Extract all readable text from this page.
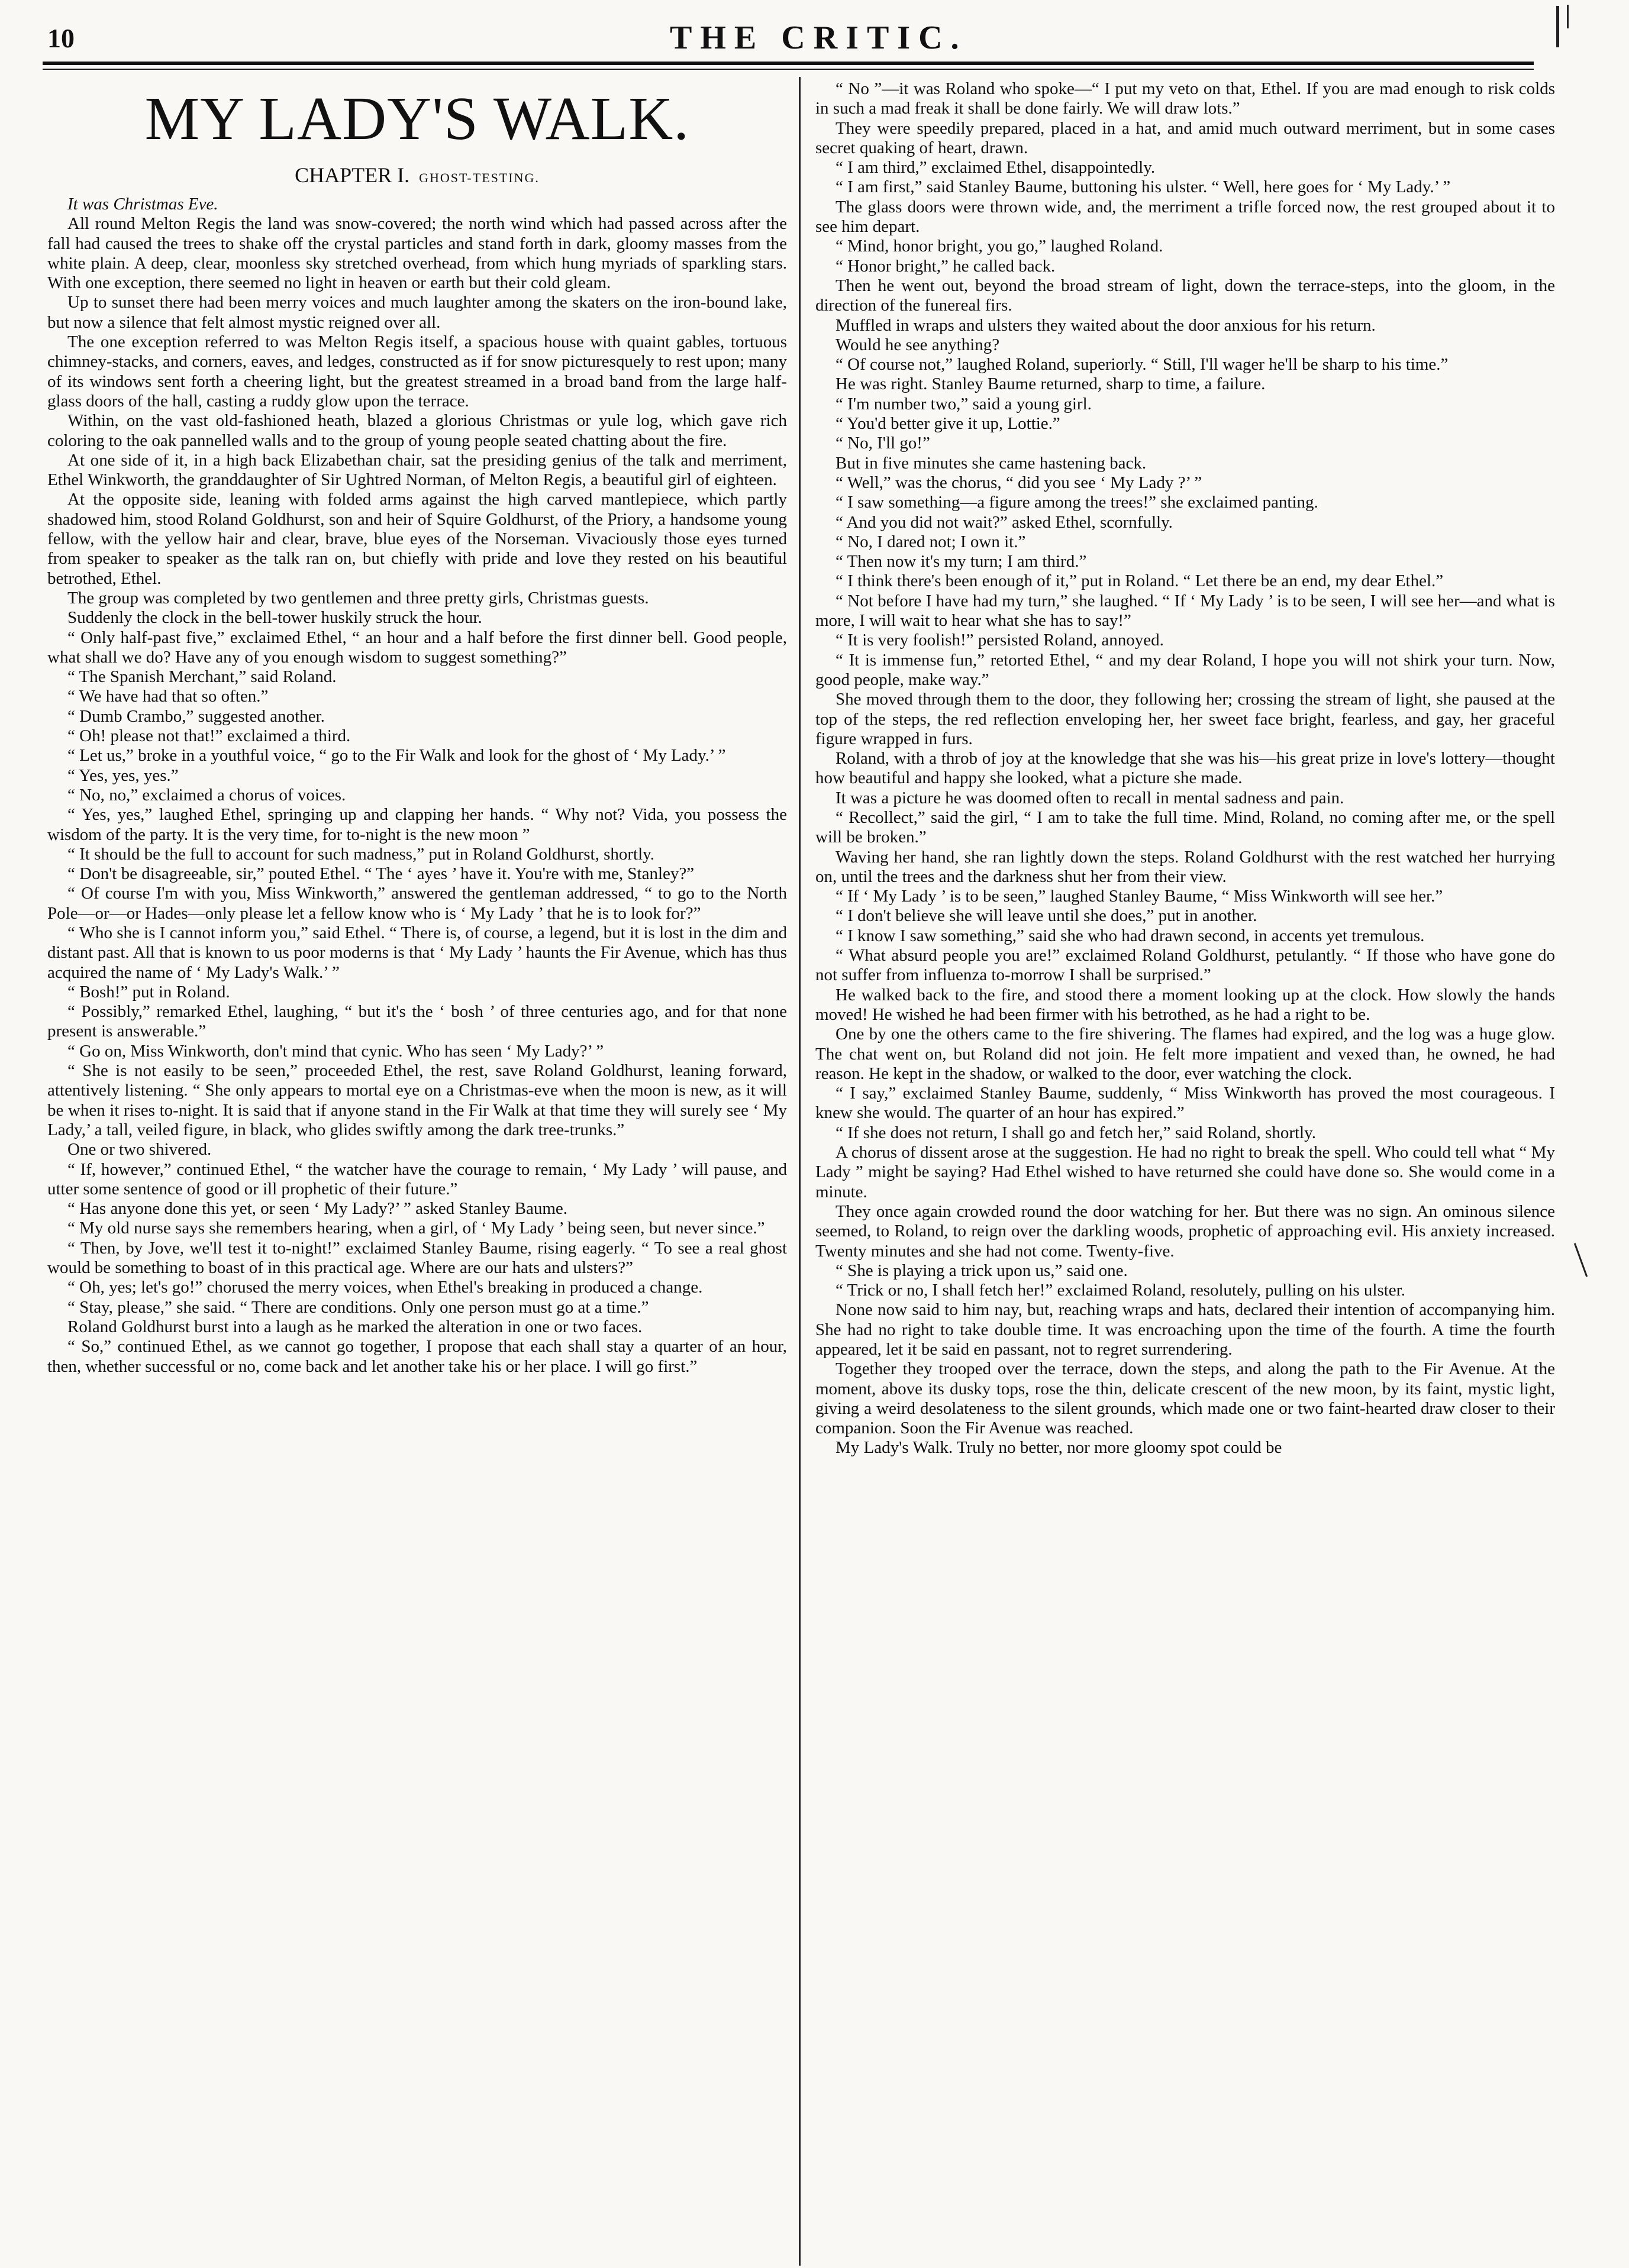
10	THE CRITIC.
MY LADY'S WALK.
CHAPTER I. GHOST-TESTING.

It was Christmas Eve.

All round Melton Regis the land was snow-covered; the north wind which had passed across after the fall had caused the trees to shake off the crystal particles and stand forth in dark, gloomy masses from the white plain. A deep, clear, moonless sky stretched overhead, from which hung myriads of sparkling stars. With one exception, there seemed no light in heaven or earth but their cold gleam.

Up to sunset there had been merry voices and much laughter among the skaters on the iron-bound lake, but now a silence that felt almost mystic reigned over all.

The one exception referred to was Melton Regis itself, a spacious house with quaint gables, tortuous chimney-stacks, and corners, eaves, and ledges, constructed as if for snow picturesquely to rest upon; many of its windows sent forth a cheering light, but the greatest streamed in a broad band from the large half-glass doors of the hall, casting a ruddy glow upon the terrace.

Within, on the vast old-fashioned heath, blazed a glorious Christmas or yule log, which gave rich coloring to the oak pannelled walls and to the group of young people seated chatting about the fire.

At one side of it, in a high back Elizabethan chair, sat the presiding genius of the talk and merriment, Ethel Winkworth, the granddaughter of Sir Ughtred Norman, of Melton Regis, a beautiful girl of eighteen.

At the opposite side, leaning with folded arms against the high carved mantlepiece, which partly shadowed him, stood Roland Goldhurst, son and heir of Squire Goldhurst, of the Priory, a handsome young fellow, with the yellow hair and clear, brave, blue eyes of the Norseman. Vivaciously those eyes turned from speaker to speaker as the talk ran on, but chiefly with pride and love they rested on his beautiful betrothed, Ethel.

The group was completed by two gentlemen and three pretty girls, Christmas guests.

Suddenly the clock in the bell-tower huskily struck the hour.

“ Only half-past five,” exclaimed Ethel, “ an hour and a half before the first dinner bell. Good people, what shall we do? Have any of you enough wisdom to suggest something?”

“ The Spanish Merchant,” said Roland.

“ We have had that so often.”

“ Dumb Crambo,” suggested another.

“ Oh! please not that!” exclaimed a third.

“ Let us,” broke in a youthful voice, “ go to the Fir Walk and look for the ghost of ‘ My Lady.’ ”

“ Yes, yes, yes.”

“ No, no,” exclaimed a chorus of voices.

“ Yes, yes,” laughed Ethel, springing up and clapping her hands. “ Why not? Vida, you possess the wisdom of the party. It is the very time, for to-night is the new moon ”

“ It should be the full to account for such madness,” put in Roland Goldhurst, shortly.

“ Don't be disagreeable, sir,” pouted Ethel. “ The ‘ ayes ’ have it. You're with me, Stanley?”

“ Of course I'm with you, Miss Winkworth,” answered the gentleman addressed, “ to go to the North Pole—or—or Hades—only please let a fellow know who is ‘ My Lady ’ that he is to look for?”

“ Who she is I cannot inform you,” said Ethel. “ There is, of course, a legend, but it is lost in the dim and distant past. All that is known to us poor moderns is that ‘ My Lady ’ haunts the Fir Avenue, which has thus acquired the name of ‘ My Lady's Walk.’ ”

“ Bosh!” put in Roland.

“ Possibly,” remarked Ethel, laughing, “ but it's the ‘ bosh ’ of three centuries ago, and for that none present is answerable.”

“ Go on, Miss Winkworth, don't mind that cynic. Who has seen ‘ My Lady?’ ”

“ She is not easily to be seen,” proceeded Ethel, the rest, save Roland Goldhurst, leaning forward, attentively listening. “ She only appears to mortal eye on a Christmas-eve when the moon is new, as it will be when it rises to-night. It is said that if anyone stand in the Fir Walk at that time they will surely see ‘ My Lady,’ a tall, veiled figure, in black, who glides swiftly among the dark tree-trunks.”

One or two shivered.

“ If, however,” continued Ethel, “ the watcher have the courage to remain, ‘ My Lady ’ will pause, and utter some sentence of good or ill prophetic of their future.”

“ Has anyone done this yet, or seen ‘ My Lady?’ ” asked Stanley Baume.

“ My old nurse says she remembers hearing, when a girl, of ‘ My Lady ’ being seen, but never since.”

“ Then, by Jove, we'll test it to-night!” exclaimed Stanley Baume, rising eagerly. “ To see a real ghost would be something to boast of in this practical age. Where are our hats and ulsters?”

“ Oh, yes; let's go!” chorused the merry voices, when Ethel's breaking in produced a change.

“ Stay, please,” she said. “ There are conditions. Only one person must go at a time.”

Roland Goldhurst burst into a laugh as he marked the alteration in one or two faces.

“ So,” continued Ethel, as we cannot go together, I propose that each shall stay a quarter of an hour, then, whether successful or no, come back and let another take his or her place. I will go first.”

“ No ”—it was Roland who spoke—“ I put my veto on that, Ethel. If you are mad enough to risk colds in such a mad freak it shall be done fairly. We will draw lots.”

They were speedily prepared, placed in a hat, and amid much outward merriment, but in some cases secret quaking of heart, drawn.

“ I am third,” exclaimed Ethel, disappointedly.

“ I am first,” said Stanley Baume, buttoning his ulster. “ Well, here goes for ‘ My Lady.’ ”

The glass doors were thrown wide, and, the merriment a trifle forced now, the rest grouped about it to see him depart.

“ Mind, honor bright, you go,” laughed Roland.

“ Honor bright,” he called back.

Then he went out, beyond the broad stream of light, down the terrace-steps, into the gloom, in the direction of the funereal firs.

Muffled in wraps and ulsters they waited about the door anxious for his return.

Would he see anything?

“ Of course not,” laughed Roland, superiorly. “ Still, I'll wager he'll be sharp to his time.”

He was right. Stanley Baume returned, sharp to time, a failure.

“ I'm number two,” said a young girl.

“ You'd better give it up, Lottie.”

“ No, I'll go!”

But in five minutes she came hastening back.

“ Well,” was the chorus, “ did you see ‘ My Lady ?’ ”

“ I saw something—a figure among the trees!” she exclaimed panting.

“ And you did not wait?” asked Ethel, scornfully.

“ No, I dared not; I own it.”

“ Then now it's my turn; I am third.”

“ I think there's been enough of it,” put in Roland. “ Let there be an end, my dear Ethel.”

“ Not before I have had my turn,” she laughed. “ If ‘ My Lady ’ is to be seen, I will see her—and what is more, I will wait to hear what she has to say!”

“ It is very foolish!” persisted Roland, annoyed.

“ It is immense fun,” retorted Ethel, “ and my dear Roland, I hope you will not shirk your turn. Now, good people, make way.”

She moved through them to the door, they following her; crossing the stream of light, she paused at the top of the steps, the red reflection enveloping her, her sweet face bright, fearless, and gay, her graceful figure wrapped in furs.

Roland, with a throb of joy at the knowledge that she was his—his great prize in love's lottery—thought how beautiful and happy she looked, what a picture she made.

It was a picture he was doomed often to recall in mental sadness and pain.

“ Recollect,” said the girl, “ I am to take the full time. Mind, Roland, no coming after me, or the spell will be broken.”

Waving her hand, she ran lightly down the steps. Roland Goldhurst with the rest watched her hurrying on, until the trees and the darkness shut her from their view.

“ If ‘ My Lady ’ is to be seen,” laughed Stanley Baume, “ Miss Winkworth will see her.”

“ I don't believe she will leave until she does,” put in another.

“ I know I saw something,” said she who had drawn second, in accents yet tremulous.

“ What absurd people you are!” exclaimed Roland Goldhurst, petulantly. “ If those who have gone do not suffer from influenza to-morrow I shall be surprised.”

He walked back to the fire, and stood there a moment looking up at the clock. How slowly the hands moved! He wished he had been firmer with his betrothed, as he had a right to be.

One by one the others came to the fire shivering. The flames had expired, and the log was a huge glow. The chat went on, but Roland did not join. He felt more impatient and vexed than, he owned, he had reason. He kept in the shadow, or walked to the door, ever watching the clock.

“ I say,” exclaimed Stanley Baume, suddenly, “ Miss Winkworth has proved the most courageous. I knew she would. The quarter of an hour has expired.”

“ If she does not return, I shall go and fetch her,” said Roland, shortly.

A chorus of dissent arose at the suggestion. He had no right to break the spell. Who could tell what “ My Lady ” might be saying? Had Ethel wished to have returned she could have done so. She would come in a minute.

They once again crowded round the door watching for her. But there was no sign. An ominous silence seemed, to Roland, to reign over the darkling woods, prophetic of approaching evil. His anxiety increased. Twenty minutes and she had not come. Twenty-five.

“ She is playing a trick upon us,” said one.

“ Trick or no, I shall fetch her!” exclaimed Roland, resolutely, pulling on his ulster.

None now said to him nay, but, reaching wraps and hats, declared their intention of accompanying him. She had no right to take double time. It was encroaching upon the time of the fourth. A time the fourth appeared, let it be said en passant, not to regret surrendering.

Together they trooped over the terrace, down the steps, and along the path to the Fir Avenue. At the moment, above its dusky tops, rose the thin, delicate crescent of the new moon, by its faint, mystic light, giving a weird desolateness to the silent grounds, which made one or two faint-hearted draw closer to their companion. Soon the Fir Avenue was reached.

My Lady's Walk. Truly no better, nor more gloomy spot could be
